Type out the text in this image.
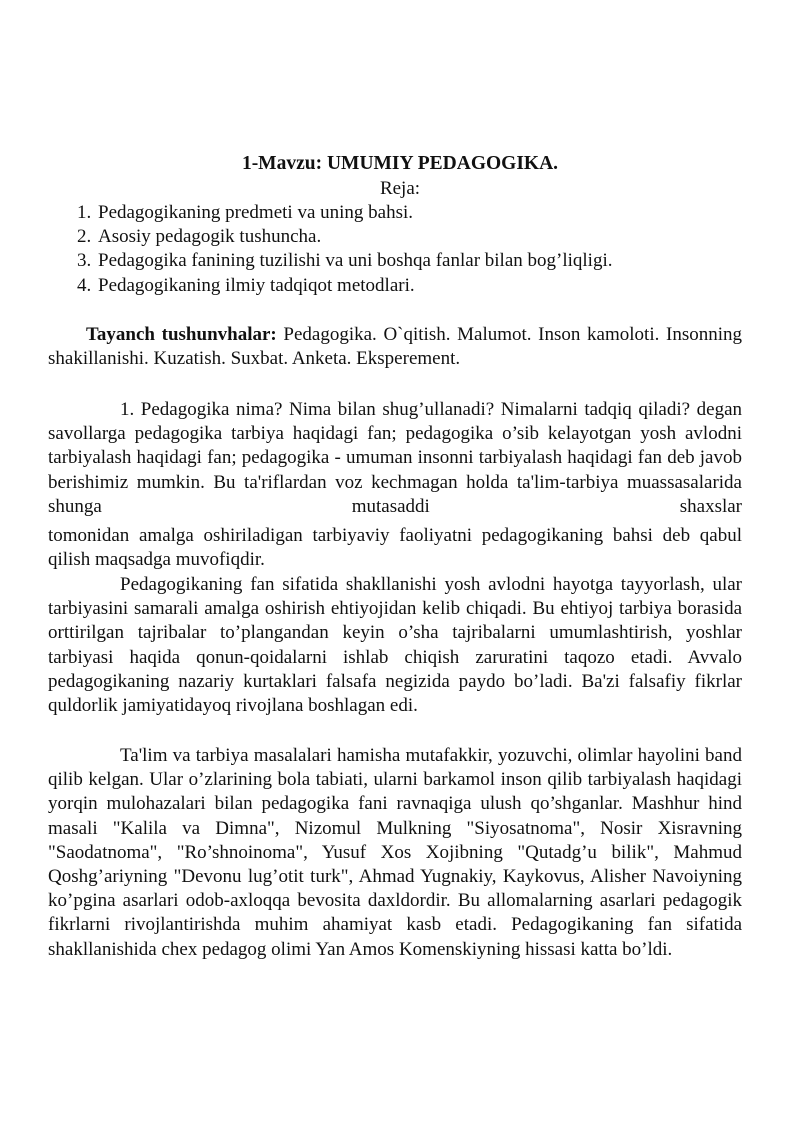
1-Mavzu: UMUMIY PEDAGOGIKA.
Reja:
1. Pedagogikaning predmeti va uning bahsi.
2. Asosiy pedagogik tushuncha.
3. Pedagogika fanining tuzilishi va uni boshqa fanlar bilan bog’liqligi.
4. Pedagogikaning ilmiy tadqiqot metodlari.

Tayanch tushunvhalar: Pedagogika. O`qitish. Malumot. Inson kamoloti. Insonning shakillanishi. Kuzatish. Suxbat. Anketa. Eksperement.

1. Pedagogika nima? Nima bilan shug’ullanadi? Nimalarni tadqiq qiladi? degan savollarga pedagogika tarbiya haqidagi fan; pedagogika o’sib kelayotgan yosh avlodni tarbiyalash haqidagi fan; pedagogika - umuman insonni tarbiyalash haqidagi fan deb javob berishimiz mumkin. Bu ta'riflardan voz kechmagan holda ta'lim-tarbiya muassasalarida shunga mutasaddi shaxslar

tomonidan amalga oshiriladigan tarbiyaviy faoliyatni pedagogikaning bahsi deb qabul qilish maqsadga muvofiqdir.

Pedagogikaning fan sifatida shakllanishi yosh avlodni hayotga tayyorlash, ular tarbiyasini samarali amalga oshirish ehtiyojidan kelib chiqadi. Bu ehtiyoj tarbiya borasida orttirilgan tajribalar to’plangandan keyin o’sha tajribalarni umumlashtirish, yoshlar tarbiyasi haqida qonun-qoidalarni ishlab chiqish zaruratini taqozo etadi. Avvalo pedagogikaning nazariy kurtaklari falsafa negizida paydo bo’ladi. Ba'zi falsafiy fikrlar quldorlik jamiyatidayoq rivojlana boshlagan edi.

Ta'lim va tarbiya masalalari hamisha mutafakkir, yozuvchi, olimlar hayolini band qilib kelgan. Ular o’zlarining bola tabiati, ularni barkamol inson qilib tarbiyalash haqidagi yorqin mulohazalari bilan pedagogika fani ravnaqiga ulush qo’shganlar. Mashhur hind masali "Kalila va Dimna", Nizomul Mulkning "Siyosatnoma", Nosir Xisravning "Saodatnoma", "Ro’shnoinoma", Yusuf Xos Xojibning "Qutadg’u bilik", Mahmud Qoshg’ariyning "Devonu lug’otit turk", Ahmad Yugnakiy, Kaykovus, Alisher Navoiyning ko’pgina asarlari odob-axloqqa bevosita daxldordir. Bu allomalarning asarlari pedagogik fikrlarni rivojlantirishda muhim ahamiyat kasb etadi. Pedagogikaning fan sifatida shakllanishida chex pedagog olimi Yan Amos Komenskiyning hissasi katta bo’ldi.
